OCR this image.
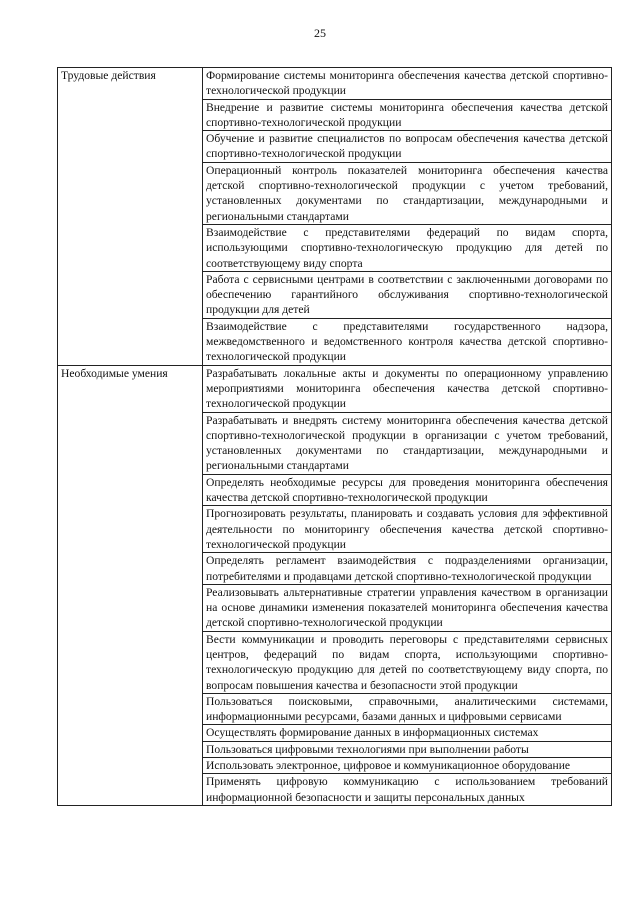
25
Трудовые действия	Формирование системы мониторинга обеспечения качества детской спортивно-технологической продукции
	Внедрение и развитие системы мониторинга обеспечения качества детской спортивно-технологической продукции
	Обучение и развитие специалистов по вопросам обеспечения качества детской спортивно-технологической продукции
	Операционный контроль показателей мониторинга обеспечения качества детской спортивно-технологической продукции с учетом требований, установленных документами по стандартизации, международными и региональными стандартами
	Взаимодействие с представителями федераций по видам спорта, использующими спортивно-технологическую продукцию для детей по соответствующему виду спорта
	Работа с сервисными центрами в соответствии с заключенными договорами по обеспечению гарантийного обслуживания спортивно-технологической продукции для детей
	Взаимодействие с представителями государственного надзора, межведомственного и ведомственного контроля качества детской спортивно-технологической продукции
Необходимые умения	Разрабатывать локальные акты и документы по операционному управлению мероприятиями мониторинга обеспечения качества детской спортивно-технологической продукции
	Разрабатывать и внедрять систему мониторинга обеспечения качества детской спортивно-технологической продукции в организации с учетом требований, установленных документами по стандартизации, международными и региональными стандартами
	Определять необходимые ресурсы для проведения мониторинга обеспечения качества детской спортивно-технологической продукции
	Прогнозировать результаты, планировать и создавать условия для эффективной деятельности по мониторингу обеспечения качества детской спортивно-технологической продукции
	Определять регламент взаимодействия с подразделениями организации, потребителями и продавцами детской спортивно-технологической продукции
	Реализовывать альтернативные стратегии управления качеством в организации на основе динамики изменения показателей мониторинга обеспечения качества детской спортивно-технологической продукции
	Вести коммуникации и проводить переговоры с представителями сервисных центров, федераций по видам спорта, использующими спортивно-технологическую продукцию для детей по соответствующему виду спорта, по вопросам повышения качества и безопасности этой продукции
	Пользоваться поисковыми, справочными, аналитическими системами, информационными ресурсами, базами данных и цифровыми сервисами
	Осуществлять формирование данных в информационных системах
	Пользоваться цифровыми технологиями при выполнении работы
	Использовать электронное, цифровое и коммуникационное оборудование
	Применять цифровую коммуникацию с использованием требований информационной безопасности и защиты персональных данных
